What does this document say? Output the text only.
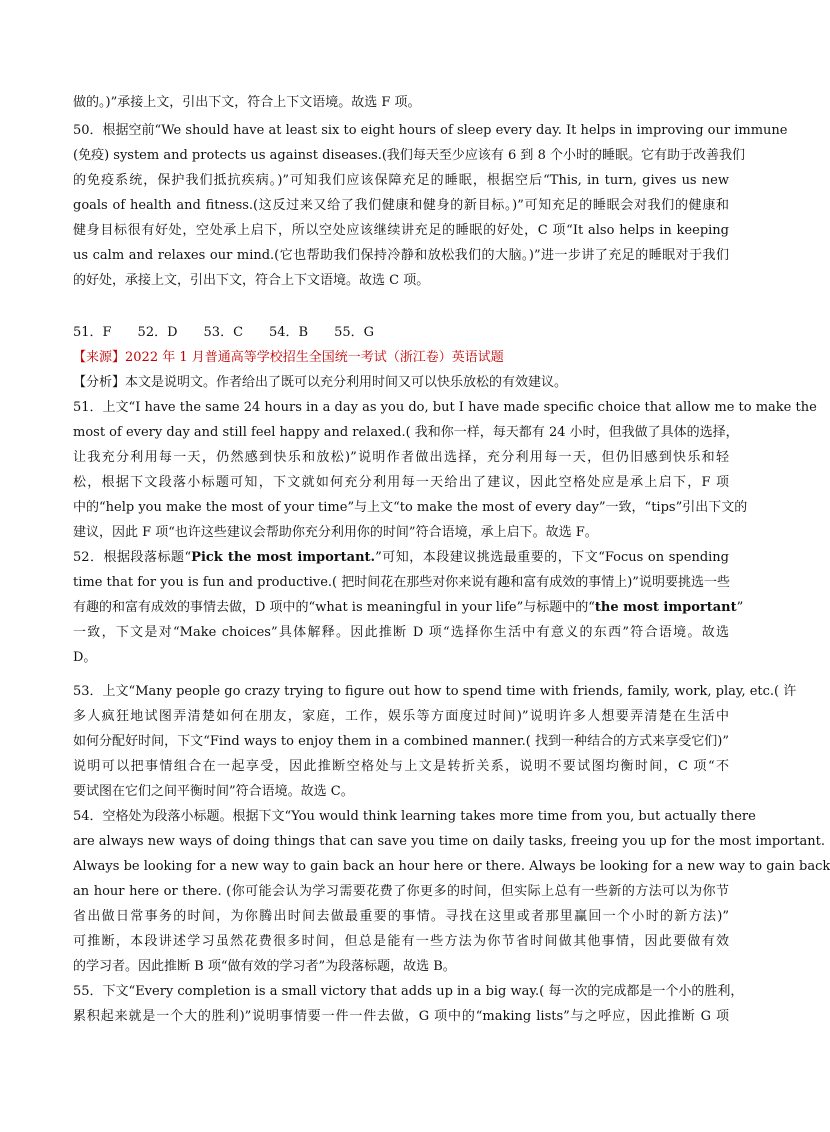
做的。)”承接上文，引出下文，符合上下文语境。故选 F 项。
50．根据空前“We should have at least six to eight hours of sleep every day. It helps in improving our immune
(免疫) system and protects us against diseases.(我们每天至少应该有 6 到 8 个小时的睡眠。它有助于改善我们
的免疫系统，保护我们抵抗疾病。)”可知我们应该保障充足的睡眠，根据空后“This, in turn, gives us new
goals of health and fitness.(这反过来又给了我们健康和健身的新目标。)”可知充足的睡眠会对我们的健康和
健身目标很有好处，空处承上启下，所以空处应该继续讲充足的睡眠的好处，C 项“It also helps in keeping
us calm and relaxes our mind.(它也帮助我们保持冷静和放松我们的大脑。)”进一步讲了充足的睡眠对于我们
的好处，承接上文，引出下文，符合上下文语境。故选 C 项。
51．F　　52．D　　53．C　　54．B　　55．G
【来源】2022 年 1 月普通高等学校招生全国统一考试（浙江卷）英语试题
【分析】本文是说明文。作者给出了既可以充分利用时间又可以快乐放松的有效建议。
51．上文“I have the same 24 hours in a day as you do, but I have made specific choice that allow me to make the
most of every day and still feel happy and relaxed.( 我和你一样，每天都有 24 小时，但我做了具体的选择，
让我充分利用每一天，仍然感到快乐和放松)”说明作者做出选择，充分利用每一天，但仍旧感到快乐和轻
松，根据下文段落小标题可知，下文就如何充分利用每一天给出了建议，因此空格处应是承上启下，F 项
中的“help you make the most of your time”与上文“to make the most of every day”一致，“tips”引出下文的
建议，因此 F 项“也许这些建议会帮助你充分利用你的时间”符合语境，承上启下。故选 F。
52．根据段落标题“Pick the most important.”可知，本段建议挑选最重要的，下文“Focus on spending
time that for you is fun and productive.( 把时间花在那些对你来说有趣和富有成效的事情上)”说明要挑选一些
有趣的和富有成效的事情去做，D 项中的“what is meaningful in your life”与标题中的“the most important”
一致，下文是对“Make choices”具体解释。因此推断 D 项“选择你生活中有意义的东西”符合语境。故选
D。
53．上文“Many people go crazy trying to figure out how to spend time with friends, family, work, play, etc.( 许
多人疯狂地试图弄清楚如何在朋友，家庭，工作，娱乐等方面度过时间)”说明许多人想要弄清楚在生活中
如何分配好时间，下文“Find ways to enjoy them in a combined manner.( 找到一种结合的方式来享受它们)”
说明可以把事情组合在一起享受，因此推断空格处与上文是转折关系，说明不要试图均衡时间，C 项“不
要试图在它们之间平衡时间”符合语境。故选 C。
54．空格处为段落小标题。根据下文“You would think learning takes more time from you, but actually there
are always new ways of doing things that can save you time on daily tasks, freeing you up for the most important.
Always be looking for a new way to gain back an hour here or there. Always be looking for a new way to gain back
an hour here or there. (你可能会认为学习需要花费了你更多的时间，但实际上总有一些新的方法可以为你节
省出做日常事务的时间，为你腾出时间去做最重要的事情。寻找在这里或者那里赢回一个小时的新方法)”
可推断，本段讲述学习虽然花费很多时间，但总是能有一些方法为你节省时间做其他事情，因此要做有效
的学习者。因此推断 B 项“做有效的学习者”为段落标题，故选 B。
55．下文“Every completion is a small victory that adds up in a big way.( 每一次的完成都是一个小的胜利，
累积起来就是一个大的胜利)”说明事情要一件一件去做，G 项中的“making lists”与之呼应，因此推断 G 项
